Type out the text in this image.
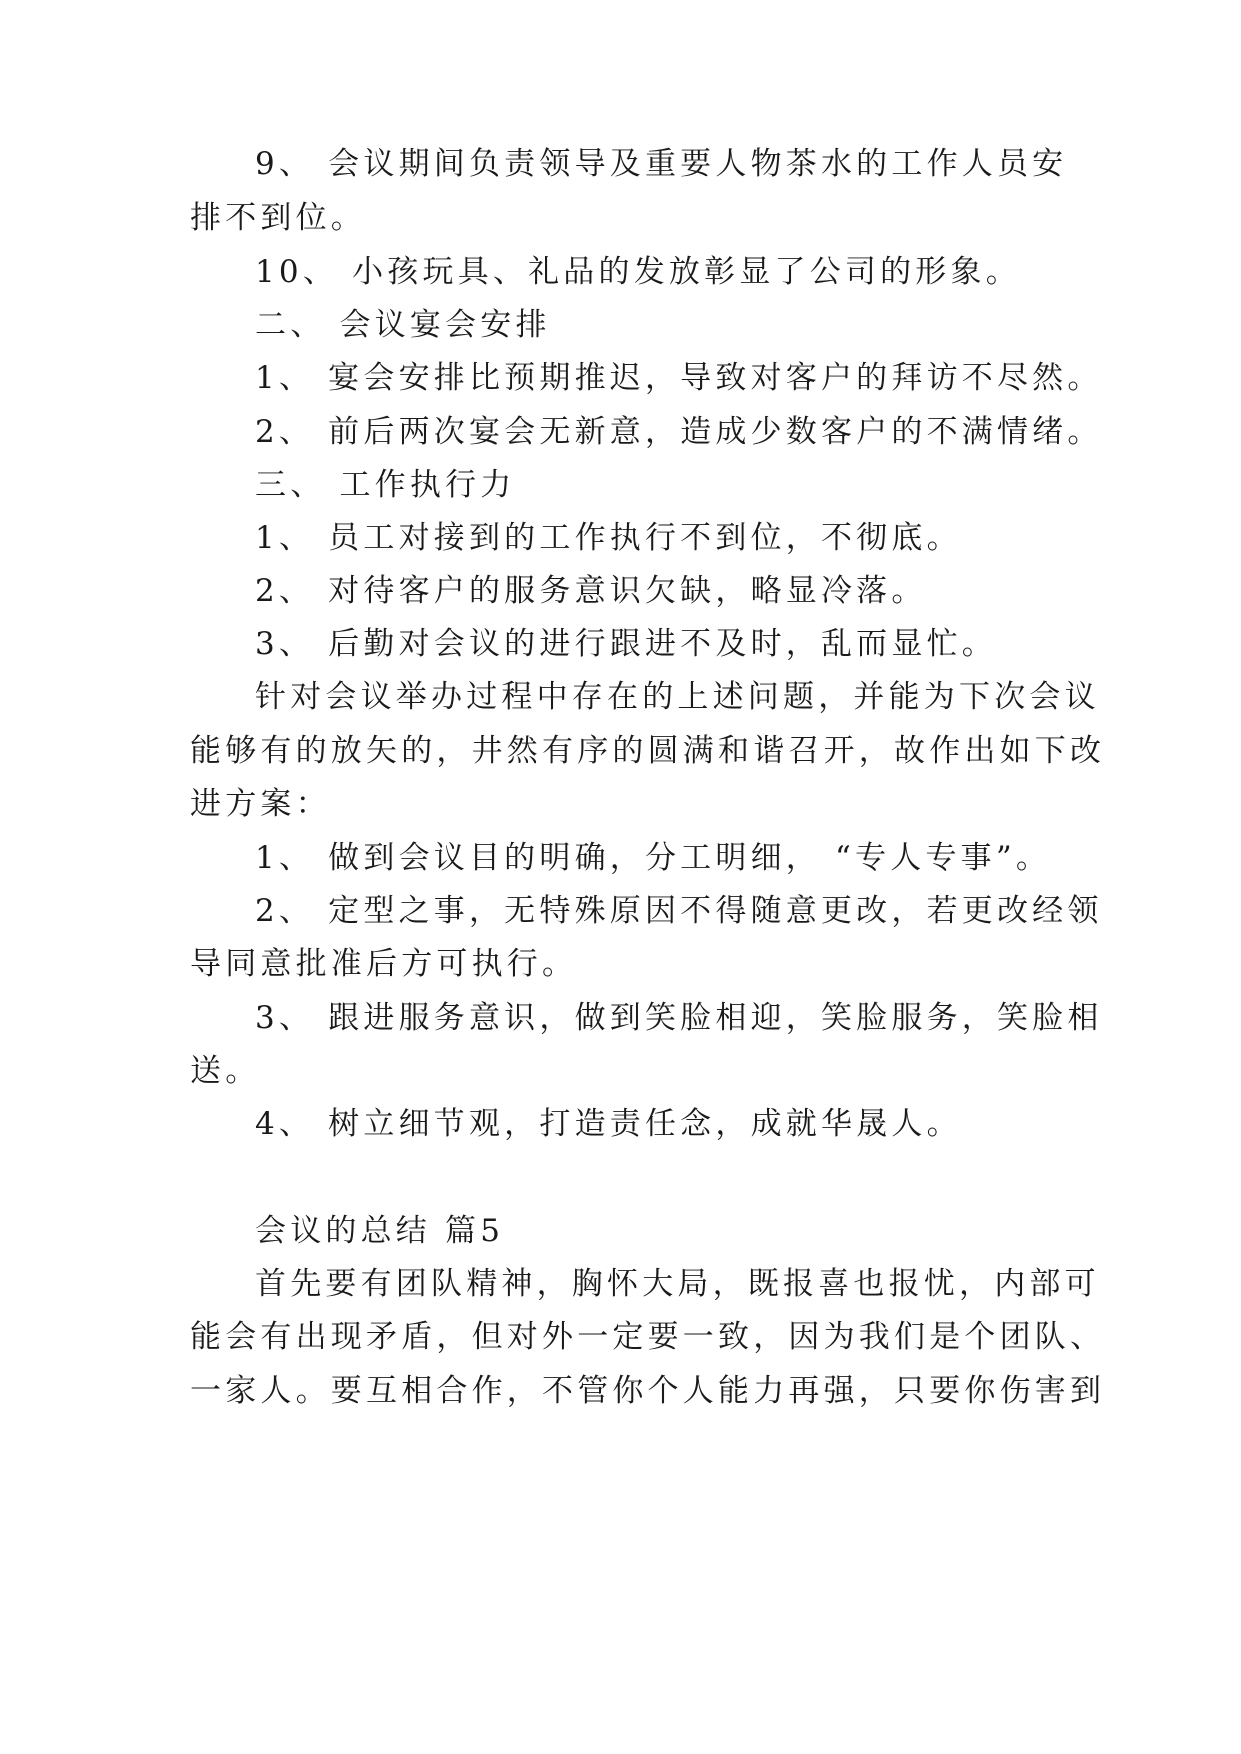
9、 会议期间负责领导及重要人物茶水的工作人员安
排不到位。
10、 小孩玩具、礼品的发放彰显了公司的形象。
二、 会议宴会安排
1、 宴会安排比预期推迟，导致对客户的拜访不尽然。
2、 前后两次宴会无新意，造成少数客户的不满情绪。
三、 工作执行力
1、 员工对接到的工作执行不到位，不彻底。
2、 对待客户的服务意识欠缺，略显冷落。
3、 后勤对会议的进行跟进不及时，乱而显忙。
针对会议举办过程中存在的上述问题，并能为下次会议
能够有的放矢的，井然有序的圆满和谐召开，故作出如下改
进方案：
1、 做到会议目的明确，分工明细， “专人专事”。
2、 定型之事，无特殊原因不得随意更改，若更改经领
导同意批准后方可执行。
3、 跟进服务意识，做到笑脸相迎，笑脸服务，笑脸相
送。
4、 树立细节观，打造责任念，成就华晟人。
会议的总结 篇5
首先要有团队精神，胸怀大局，既报喜也报忧，内部可
能会有出现矛盾，但对外一定要一致，因为我们是个团队、
一家人。要互相合作，不管你个人能力再强，只要你伤害到
